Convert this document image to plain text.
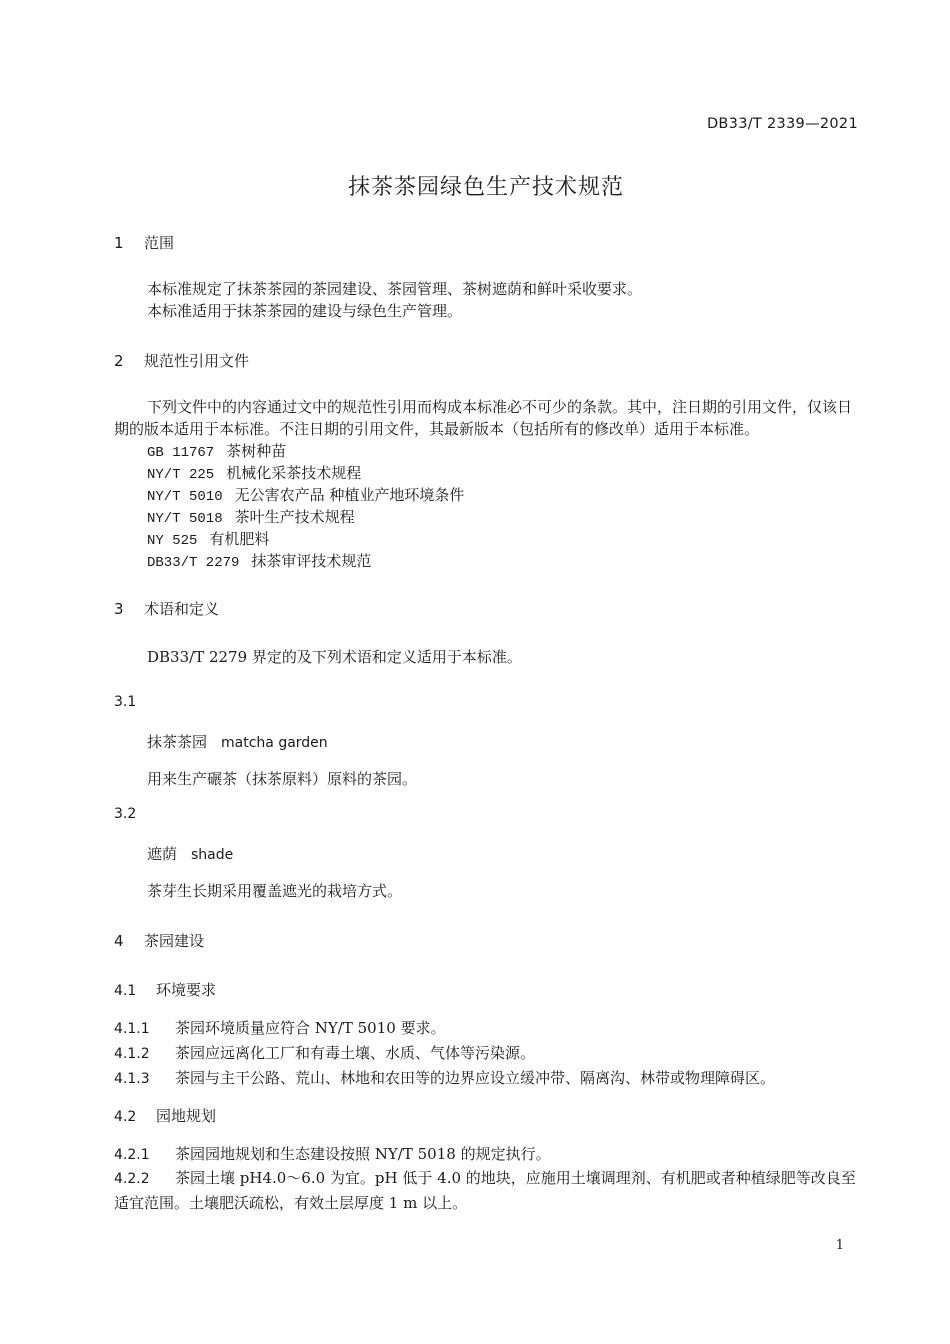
DB33/T 2339—2021
抹茶茶园绿色生产技术规范
1 范围
本标准规定了抹茶茶园的茶园建设、茶园管理、茶树遮荫和鲜叶采收要求。
本标准适用于抹茶茶园的建设与绿色生产管理。
2 规范性引用文件
下列文件中的内容通过文中的规范性引用而构成本标准必不可少的条款。其中，注日期的引用文件，仅该日期的版本适用于本标准。不注日期的引用文件，其最新版本（包括所有的修改单）适用于本标准。
GB 11767 茶树种苗
NY/T 225 机械化采茶技术规程
NY/T 5010 无公害农产品 种植业产地环境条件
NY/T 5018 茶叶生产技术规程
NY 525 有机肥料
DB33/T 2279 抹茶审评技术规范
3 术语和定义
DB33/T 2279 界定的及下列术语和定义适用于本标准。
3.1
抹茶茶园 matcha garden
用来生产碾茶（抹茶原料）原料的茶园。
3.2
遮荫 shade
茶芽生长期采用覆盖遮光的栽培方式。
4 茶园建设
4.1 环境要求
4.1.1 茶园环境质量应符合 NY/T 5010 要求。
4.1.2 茶园应远离化工厂和有毒土壤、水质、气体等污染源。
4.1.3 茶园与主干公路、荒山、林地和农田等的边界应设立缓冲带、隔离沟、林带或物理障碍区。
4.2 园地规划
4.2.1 茶园园地规划和生态建设按照 NY/T 5018 的规定执行。
4.2.2 茶园土壤 pH4.0～6.0 为宜。pH 低于 4.0 的地块，应施用土壤调理剂、有机肥或者种植绿肥等改良至适宜范围。土壤肥沃疏松，有效土层厚度 1 m 以上。
1
